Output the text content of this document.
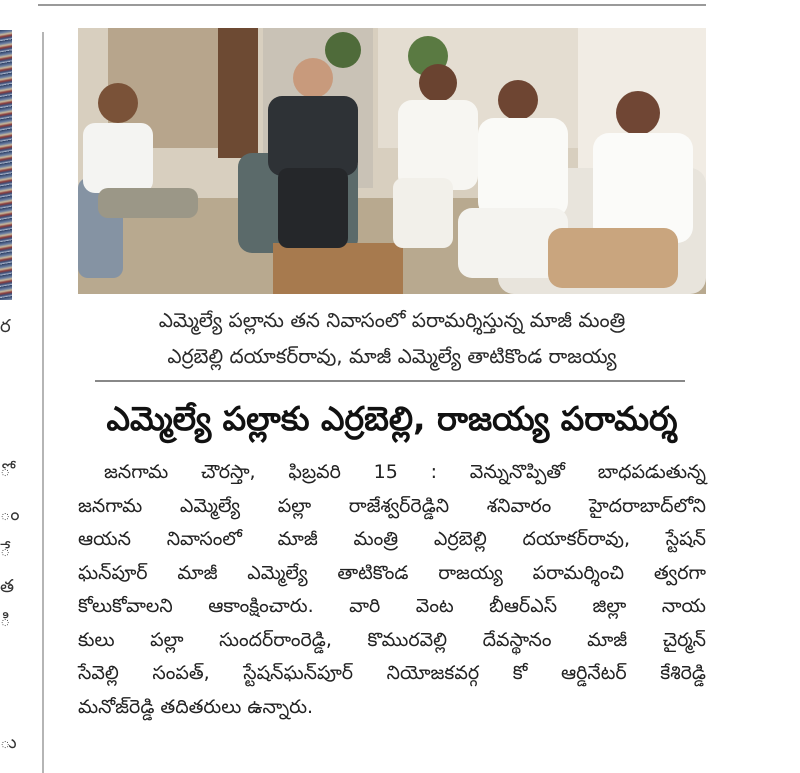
ర
ో
ం
ే
త
ి
ు
ఎమ్మెల్యే పల్లాను తన నివాసంలో పరామర్శిస్తున్న మాజీ మంత్రి
ఎర్రబెల్లి దయాకర్‌రావు, మాజీ ఎమ్మెల్యే తాటికొండ రాజయ్య
ఎమ్మెల్యే పల్లాకు ఎర్రబెల్లి, రాజయ్య పరామర్శ
జనగామ చౌరస్తా, ఫిబ్రవరి 15 : వెన్నునొప్పితో బాధపడుతున్న
జనగామ ఎమ్మెల్యే పల్లా రాజేశ్వర్‌రెడ్డిని శనివారం హైదరాబాద్‌లోని
ఆయన నివాసంలో మాజీ మంత్రి ఎర్రబెల్లి దయాకర్‌రావు, స్టేషన్
ఘన్‌పూర్ మాజీ ఎమ్మెల్యే తాటికొండ రాజయ్య పరామర్శించి త్వరగా
కోలుకోవాలని ఆకాంక్షించారు. వారి వెంట బీఆర్‌ఎస్ జిల్లా నాయ
కులు పల్లా సుందర్‌రాంరెడ్డి, కొమురవెల్లి దేవస్థానం మాజీ చైర్మన్
సేవెల్లి సంపత్, స్టేషన్‌ఘన్‌పూర్ నియోజకవర్గ కో ఆర్డినేటర్ కేశిరెడ్డి
మనోజ్‌రెడ్డి తదితరులు ఉన్నారు.
